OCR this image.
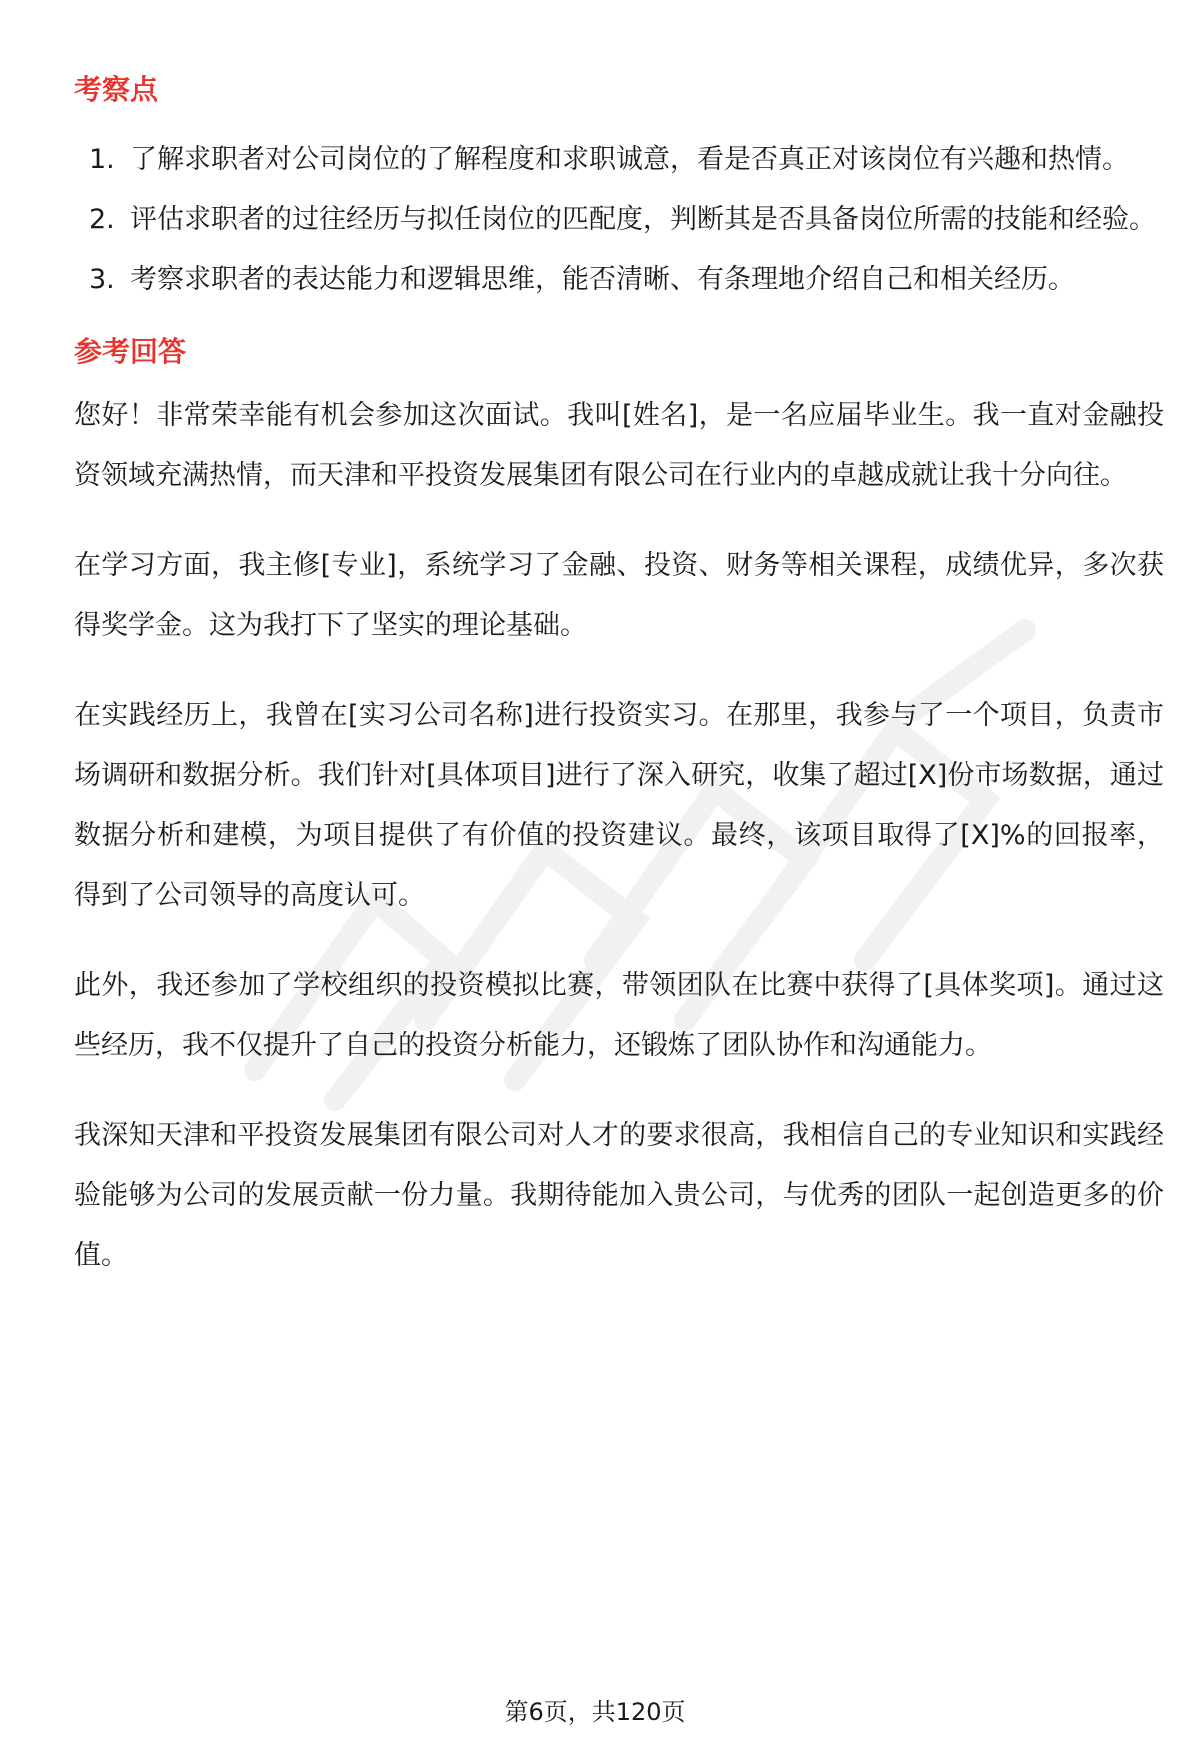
考察点
1. 了解求职者对公司岗位的了解程度和求职诚意，看是否真正对该岗位有兴趣和热情。
2. 评估求职者的过往经历与拟任岗位的匹配度，判断其是否具备岗位所需的技能和经验。
3. 考察求职者的表达能力和逻辑思维，能否清晰、有条理地介绍自己和相关经历。
参考回答

您好！非常荣幸能有机会参加这次面试。我叫[姓名]，是一名应届毕业生。我一直对金融投资领域充满热情，而天津和平投资发展集团有限公司在行业内的卓越成就让我十分向往。

在学习方面，我主修[专业]，系统学习了金融、投资、财务等相关课程，成绩优异，多次获得奖学金。这为我打下了坚实的理论基础。

在实践经历上，我曾在[实习公司名称]进行投资实习。在那里，我参与了一个项目，负责市场调研和数据分析。我们针对[具体项目]进行了深入研究，收集了超过[X]份市场数据，通过数据分析和建模，为项目提供了有价值的投资建议。最终，该项目取得了[X]%的回报率，得到了公司领导的高度认可。

此外，我还参加了学校组织的投资模拟比赛，带领团队在比赛中获得了[具体奖项]。通过这些经历，我不仅提升了自己的投资分析能力，还锻炼了团队协作和沟通能力。

我深知天津和平投资发展集团有限公司对人才的要求很高，我相信自己的专业知识和实践经验能够为公司的发展贡献一份力量。我期待能加入贵公司，与优秀的团队一起创造更多的价值。

第6页，共120页
